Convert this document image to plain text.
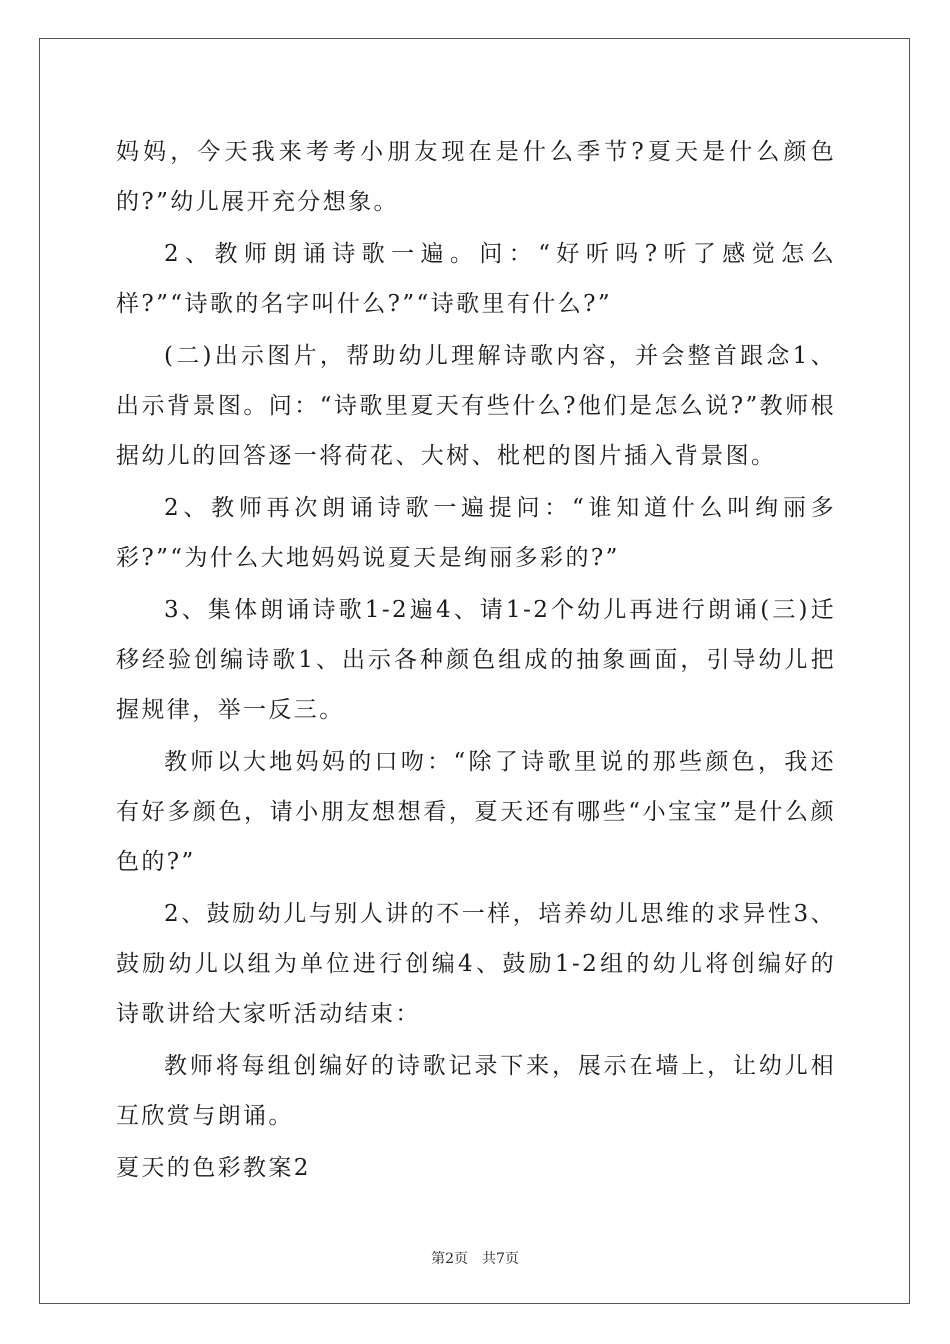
妈妈，今天我来考考小朋友现在是什么季节?夏天是什么颜色的?”幼儿展开充分想象。

2、教师朗诵诗歌一遍。问：“好听吗?听了感觉怎么样?”“诗歌的名字叫什么?”“诗歌里有什么?”

(二)出示图片，帮助幼儿理解诗歌内容，并会整首跟念1、出示背景图。问：“诗歌里夏天有些什么?他们是怎么说?”教师根据幼儿的回答逐一将荷花、大树、枇杷的图片插入背景图。

2、教师再次朗诵诗歌一遍提问：“谁知道什么叫绚丽多彩?”“为什么大地妈妈说夏天是绚丽多彩的?”

3、集体朗诵诗歌1-2遍4、请1-2个幼儿再进行朗诵(三)迁移经验创编诗歌1、出示各种颜色组成的抽象画面，引导幼儿把握规律，举一反三。

教师以大地妈妈的口吻：“除了诗歌里说的那些颜色，我还有好多颜色，请小朋友想想看，夏天还有哪些“小宝宝”是什么颜色的?”

2、鼓励幼儿与别人讲的不一样，培养幼儿思维的求异性3、鼓励幼儿以组为单位进行创编4、鼓励1-2组的幼儿将创编好的诗歌讲给大家听活动结束：

教师将每组创编好的诗歌记录下来，展示在墙上，让幼儿相互欣赏与朗诵。

夏天的色彩教案2

第2页　共7页
